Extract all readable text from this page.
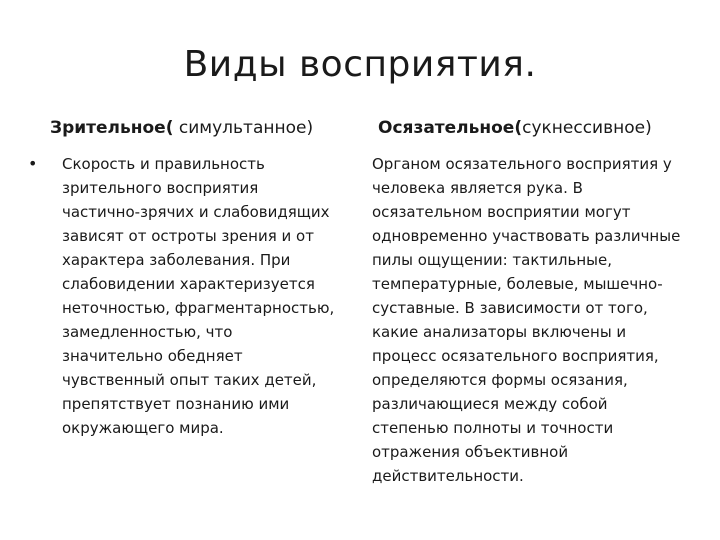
Виды восприятия.
Зрительное( симультанное)	Осязательное(сукнессивное)
• Скорость и правильность зрительного восприятия частично-зрячих и слабовидящих зависят от остроты зрения и от характера заболевания. При слабовидении характеризуется неточностью, фрагментарностью, замедленностью, что значительно обедняет чувственный опыт таких детей, препятствует познанию ими окружающего мира.
Органом осязательного восприятия у человека является рука. В осязательном восприятии могут одновременно участвовать различные пилы ощущении: тактильные, температурные, болевые, мышечно-суставные. В зависимости от того, какие анализаторы включены и процесс осязательного восприятия, определяются формы осязания, различающиеся между собой степенью полноты и точности отражения объективной действительности.
